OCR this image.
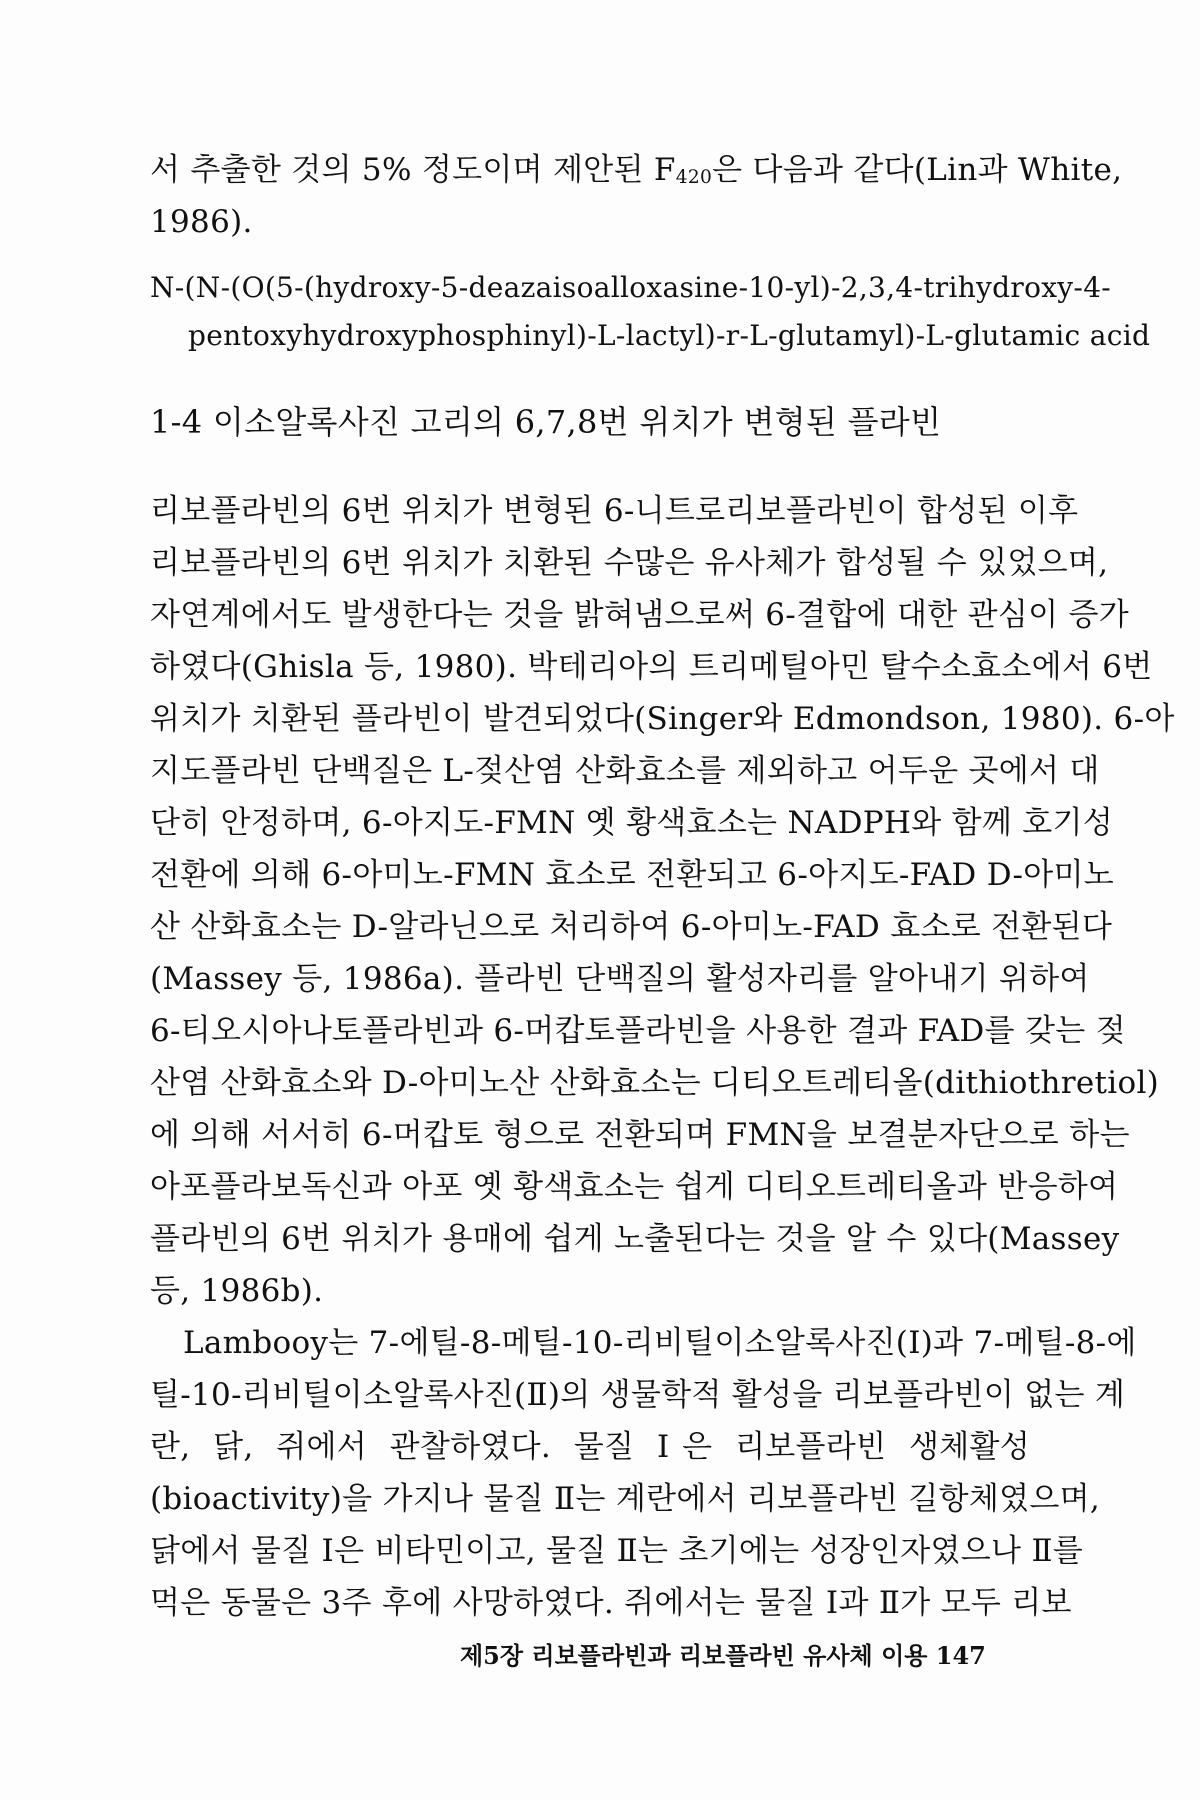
서 추출한 것의 5% 정도이며 제안된 F420은 다음과 같다(Lin과 White,
1986).
N-(N-(O(5-(hydroxy-5-deazaisoalloxasine-10-yl)-2,3,4-trihydroxy-4-
pentoxyhydroxyphosphinyl)-L-lactyl)-r-L-glutamyl)-L-glutamic acid
1-4 이소알록사진 고리의 6,7,8번 위치가 변형된 플라빈
리보플라빈의 6번 위치가 변형된 6-니트로리보플라빈이 합성된 이후
리보플라빈의 6번 위치가 치환된 수많은 유사체가 합성될 수 있었으며,
자연계에서도 발생한다는 것을 밝혀냄으로써 6-결합에 대한 관심이 증가
하였다(Ghisla 등, 1980). 박테리아의 트리메틸아민 탈수소효소에서 6번
위치가 치환된 플라빈이 발견되었다(Singer와 Edmondson, 1980). 6-아
지도플라빈 단백질은 L-젖산염 산화효소를 제외하고 어두운 곳에서 대
단히 안정하며, 6-아지도-FMN 옛 황색효소는 NADPH와 함께 호기성
전환에 의해 6-아미노-FMN 효소로 전환되고 6-아지도-FAD D-아미노
산 산화효소는 D-알라닌으로 처리하여 6-아미노-FAD 효소로 전환된다
(Massey 등, 1986a). 플라빈 단백질의 활성자리를 알아내기 위하여
6-티오시아나토플라빈과 6-머캅토플라빈을 사용한 결과 FAD를 갖는 젖
산염 산화효소와 D-아미노산 산화효소는 디티오트레티올(dithiothretiol)
에 의해 서서히 6-머캅토 형으로 전환되며 FMN을 보결분자단으로 하는
아포플라보독신과 아포 옛 황색효소는 쉽게 디티오트레티올과 반응하여
플라빈의 6번 위치가 용매에 쉽게 노출된다는 것을 알 수 있다(Massey
등, 1986b).
Lambooy는 7-에틸-8-메틸-10-리비틸이소알록사진(Ⅰ)과 7-메틸-8-에
틸-10-리비틸이소알록사진(Ⅱ)의 생물학적 활성을 리보플라빈이 없는 계
란, 닭, 쥐에서 관찰하였다. 물질 Ⅰ은 리보플라빈 생체활성
(bioactivity)을 가지나 물질 Ⅱ는 계란에서 리보플라빈 길항체였으며,
닭에서 물질 Ⅰ은 비타민이고, 물질 Ⅱ는 초기에는 성장인자였으나 Ⅱ를
먹은 동물은 3주 후에 사망하였다. 쥐에서는 물질 Ⅰ과 Ⅱ가 모두 리보
제5장 리보플라빈과 리보플라빈 유사체 이용 147
